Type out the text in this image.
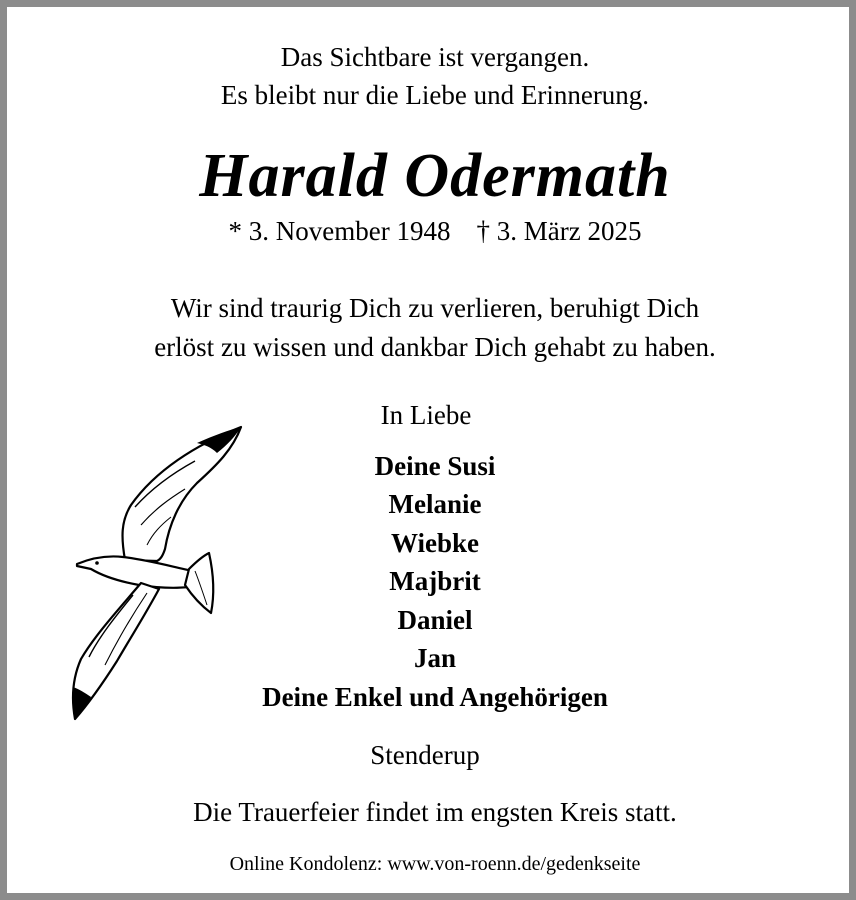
Das Sichtbare ist vergangen.
Es bleibt nur die Liebe und Erinnerung.
Harald Odermath
* 3. November 1948 † 3. März 2025
Wir sind traurig Dich zu verlieren, beruhigt Dich
erlöst zu wissen und dankbar Dich gehabt zu haben.
In Liebe
Deine Susi
Melanie
Wiebke
Majbrit
Daniel
Jan
Deine Enkel und Angehörigen
Stenderup
Die Trauerfeier findet im engsten Kreis statt.
Online Kondolenz: www.von-roenn.de/gedenkseite
